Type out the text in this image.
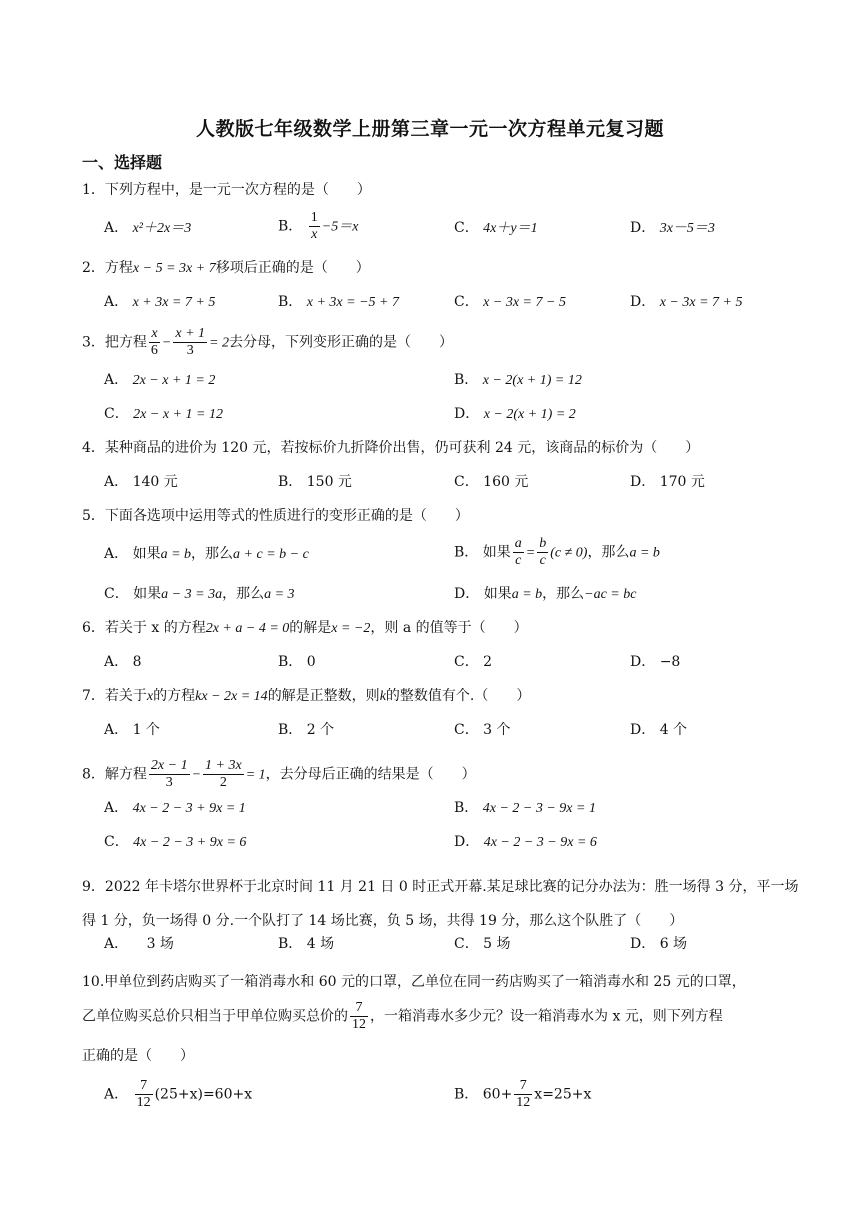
人教版七年级数学上册第三章一元一次方程单元复习题
一、选择题
1．下列方程中，是一元一次方程的是（　　）
A． x²＋2x＝3	B． $\frac{1}{x} -5=x$	C． 4x＋y＝1	D． 3x－5＝3
2．方程x − 5 = 3x + 7移项后正确的是（　　）
A． x + 3x = 7 + 5	B． x + 3x = −5 + 7	C． x − 3x = 7 − 5	D． x − 3x = 7 + 5
3．把方程 $\frac{x}{6} - \frac{x + 1}{3} = 2$去分母，下列变形正确的是（　　）
A． 2x − x + 1 = 2	B． x − 2(x + 1) = 12
C． 2x − x + 1 = 12	D． x − 2(x + 1) = 2
4．某种商品的进价为 120 元，若按标价九折降价出售，仍可获利 24 元，该商品的标价为（　　）
A． 140 元	B． 150 元	C． 160 元	D． 170 元
5．下面各选项中运用等式的性质进行的变形正确的是（　　）
A． 如果a = b，那么a + c = b − c	B． 如果 $\frac{a}{c} = \frac{b}{c} (c \ne 0)$，那么a = b
C． 如果a − 3 = 3a，那么a = 3	D． 如果a = b，那么−ac = bc
6．若关于 x 的方程2x + a − 4 = 0的解是x = −2，则 a 的值等于（　　）
A． 8	B． 0	C． 2	D． −8
7．若关于x的方程kx − 2x = 14的解是正整数，则k的整数值有个.（　　）
A． 1 个	B． 2 个	C． 3 个	D． 4 个
8．解方程 $\frac{2x - 1}{3} - \frac{1 + 3x}{2} = 1$，去分母后正确的结果是（　　）
A． 4x − 2 − 3 + 9x = 1	B． 4x − 2 − 3 − 9x = 1
C． 4x − 2 − 3 + 9x = 6	D． 4x − 2 − 3 − 9x = 6
9．2022 年卡塔尔世界杯于北京时间 11 月 21 日 0 时正式开幕.某足球比赛的记分办法为：胜一场得 3 分，平一场得 1 分，负一场得 0 分.一个队打了 14 场比赛，负 5 场，共得 19 分，那么这个队胜了（　　）
A． 　3 场	B． 4 场	C． 5 场	D． 6 场
10.甲单位到药店购买了一箱消毒水和 60 元的口罩，乙单位在同一药店购买了一箱消毒水和 25 元的口罩，
乙单位购买总价只相当于甲单位购买总价的 $\frac{7}{12}$ ，一箱消毒水多少元？设一箱消毒水为 x 元，则下列方程
正确的是（　　）
A． $\frac{7}{12} (25+x)=60+x$	B． $60+ \frac{7}{12} x=25+x$
